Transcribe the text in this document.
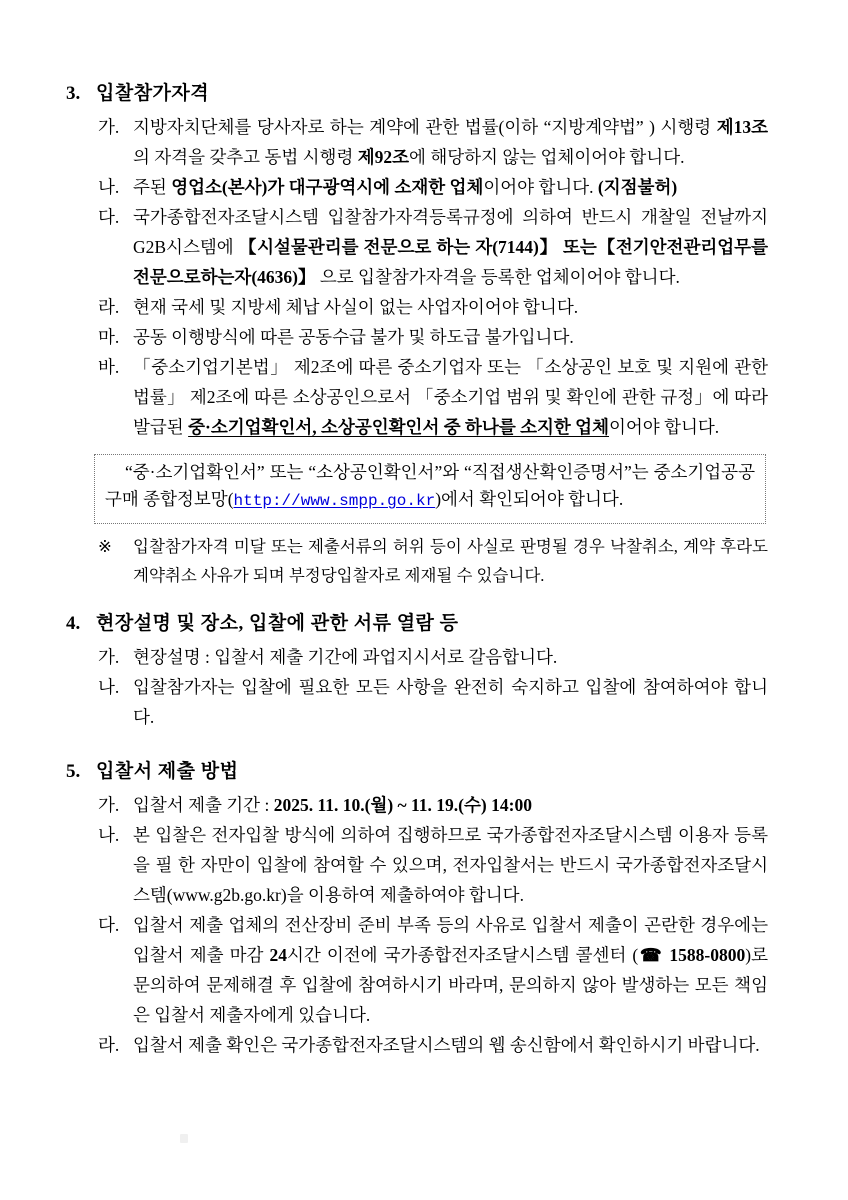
3. 입찰참가자격
가. 지방자치단체를 당사자로 하는 계약에 관한 법률(이하 “지방계약법” ) 시행령 제13조의 자격을 갖추고 동법 시행령 제92조에 해당하지 않는 업체이어야 합니다.
나. 주된 영업소(본사)가 대구광역시에 소재한 업체이어야 합니다. (지점불허)
다. 국가종합전자조달시스템 입찰참가자격등록규정에 의하여 반드시 개찰일 전날까지 G2B시스템에 【시설물관리를 전문으로 하는 자(7144)】 또는【전기안전관리업무를전문으로하는자(4636)】 으로 입찰참가자격을 등록한 업체이어야 합니다.
라. 현재 국세 및 지방세 체납 사실이 없는 사업자이어야 합니다.
마. 공동 이행방식에 따른 공동수급 불가 및 하도급 불가입니다.
바. 「중소기업기본법」 제2조에 따른 중소기업자 또는 「소상공인 보호 및 지원에 관한 법률」 제2조에 따른 소상공인으로서 「중소기업 범위 및 확인에 관한 규정」에 따라 발급된 중·소기업확인서, 소상공인확인서 중 하나를 소지한 업체이어야 합니다.

“중·소기업확인서” 또는 “소상공인확인서”와 “직접생산확인증명서”는 중소기업공공구매 종합정보망(http://www.smpp.go.kr)에서 확인되어야 합니다.

※	입찰참가자격 미달 또는 제출서류의 허위 등이 사실로 판명될 경우 낙찰취소, 계약 후라도 계약취소 사유가 되며 부정당입찰자로 제재될 수 있습니다.
4. 현장설명 및 장소, 입찰에 관한 서류 열람 등
가. 현장설명 : 입찰서 제출 기간에 과업지시서로 갈음합니다.
나. 입찰참가자는 입찰에 필요한 모든 사항을 완전히 숙지하고 입찰에 참여하여야 합니다.
5. 입찰서 제출 방법
가. 입찰서 제출 기간 : 2025. 11. 10.(월) ~ 11. 19.(수) 14:00
나. 본 입찰은 전자입찰 방식에 의하여 집행하므로 국가종합전자조달시스템 이용자 등록을 필 한 자만이 입찰에 참여할 수 있으며, 전자입찰서는 반드시 국가종합전자조달시스템(www.g2b.go.kr)을 이용하여 제출하여야 합니다.
다. 입찰서 제출 업체의 전산장비 준비 부족 등의 사유로 입찰서 제출이 곤란한 경우에는 입찰서 제출 마감 24시간 이전에 국가종합전자조달시스템 콜센터 (☎ 1588-0800)로 문의하여 문제해결 후 입찰에 참여하시기 바라며, 문의하지 않아 발생하는 모든 책임은 입찰서 제출자에게 있습니다.
라. 입찰서 제출 확인은 국가종합전자조달시스템의 웹 송신함에서 확인하시기 바랍니다.
